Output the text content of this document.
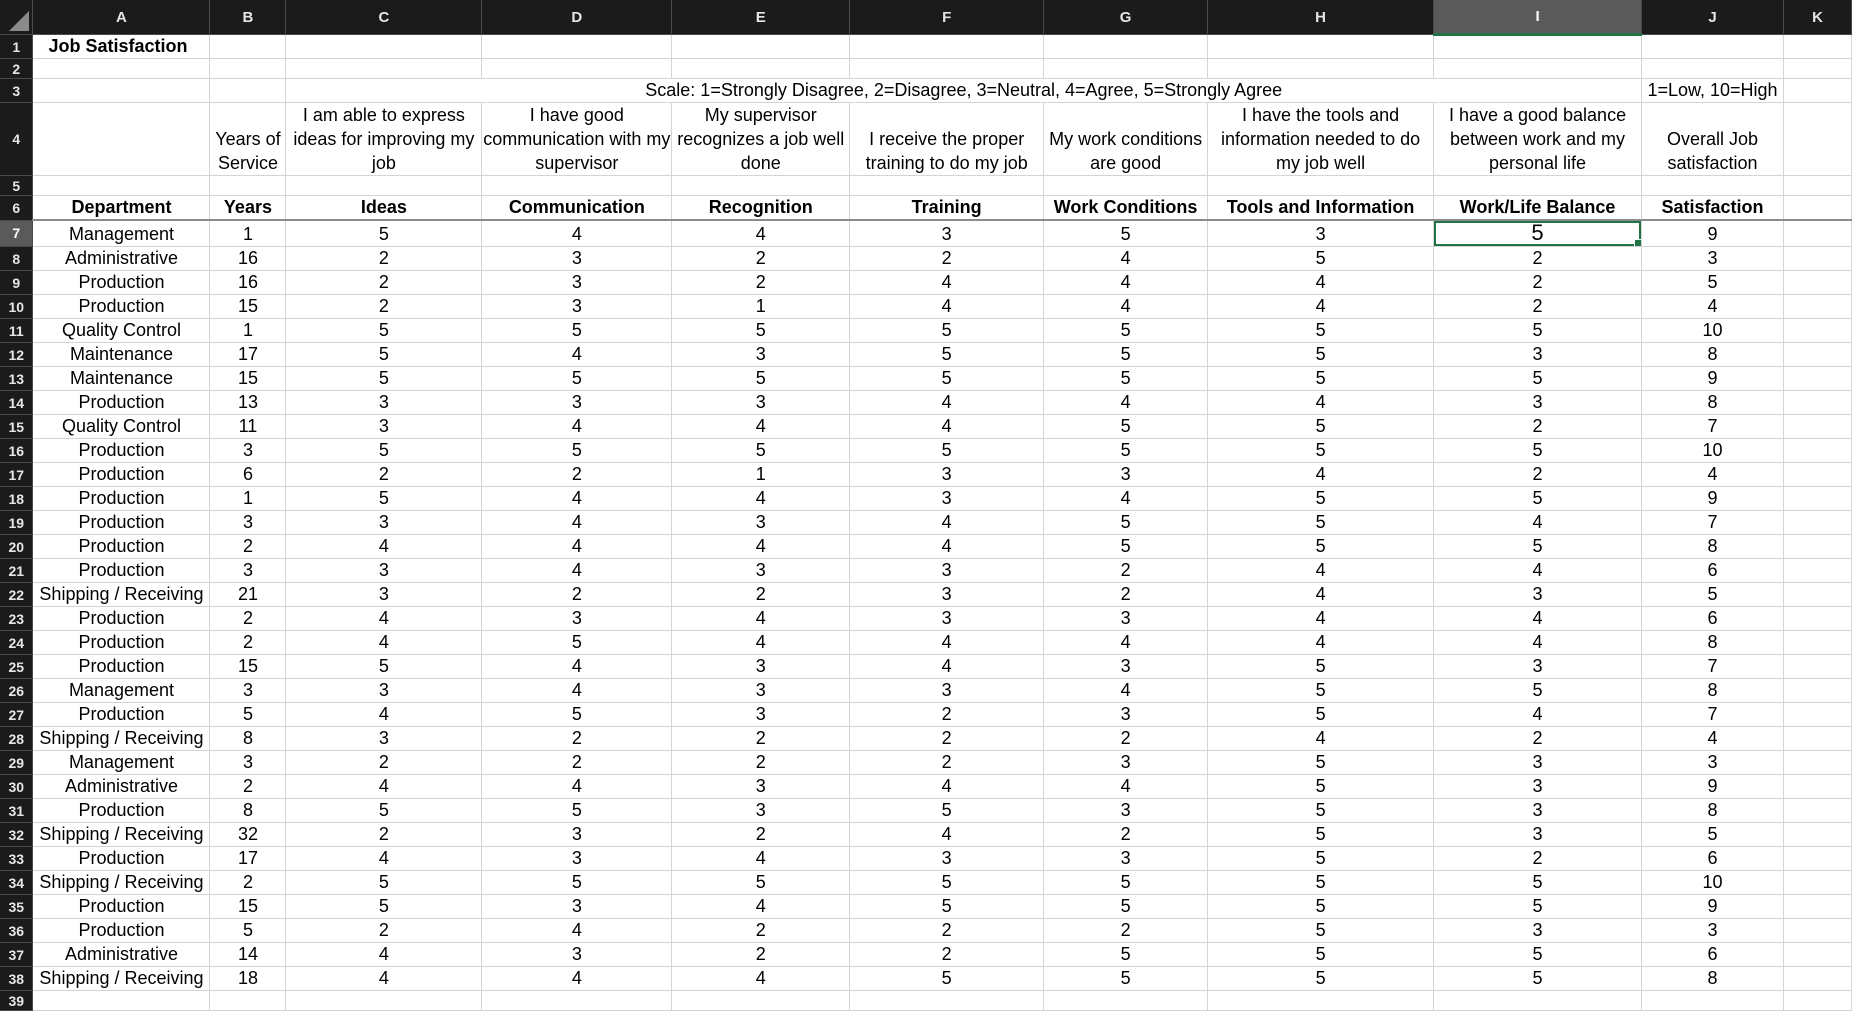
	A	B	C	D	E	F	G	H	I	J	K
1	Job Satisfaction										
2											
3			Scale: 1=Strongly Disagree, 2=Disagree, 3=Neutral, 4=Agree, 5=Strongly Agree							1=Low, 10=High	
4		Years of Service	I am able to express ideas for improving my job	I have good communication with my supervisor	My supervisor recognizes a job well done	I receive the proper training to do my job	My work conditions are good	I have the tools and information needed to do my job well	I have a good balance between work and my personal life	Overall Job satisfaction	
5											
6	Department	Years	Ideas	Communication	Recognition	Training	Work Conditions	Tools and Information	Work/Life Balance	Satisfaction	
7	Management	1	5	4	4	3	5	3	5	9	
8	Administrative	16	2	3	2	2	4	5	2	3	
9	Production	16	2	3	2	4	4	4	2	5	
10	Production	15	2	3	1	4	4	4	2	4	
11	Quality Control	1	5	5	5	5	5	5	5	10	
12	Maintenance	17	5	4	3	5	5	5	3	8	
13	Maintenance	15	5	5	5	5	5	5	5	9	
14	Production	13	3	3	3	4	4	4	3	8	
15	Quality Control	11	3	4	4	4	5	5	2	7	
16	Production	3	5	5	5	5	5	5	5	10	
17	Production	6	2	2	1	3	3	4	2	4	
18	Production	1	5	4	4	3	4	5	5	9	
19	Production	3	3	4	3	4	5	5	4	7	
20	Production	2	4	4	4	4	5	5	5	8	
21	Production	3	3	4	3	3	2	4	4	6	
22	Shipping / Receiving	21	3	2	2	3	2	4	3	5	
23	Production	2	4	3	4	3	3	4	4	6	
24	Production	2	4	5	4	4	4	4	4	8	
25	Production	15	5	4	3	4	3	5	3	7	
26	Management	3	3	4	3	3	4	5	5	8	
27	Production	5	4	5	3	2	3	5	4	7	
28	Shipping / Receiving	8	3	2	2	2	2	4	2	4	
29	Management	3	2	2	2	2	3	5	3	3	
30	Administrative	2	4	4	3	4	4	5	3	9	
31	Production	8	5	5	3	5	3	5	3	8	
32	Shipping / Receiving	32	2	3	2	4	2	5	3	5	
33	Production	17	4	3	4	3	3	5	2	6	
34	Shipping / Receiving	2	5	5	5	5	5	5	5	10	
35	Production	15	5	3	4	5	5	5	5	9	
36	Production	5	2	4	2	2	2	5	3	3	
37	Administrative	14	4	3	2	2	5	5	5	6	
38	Shipping / Receiving	18	4	4	4	5	5	5	5	8	
39											
